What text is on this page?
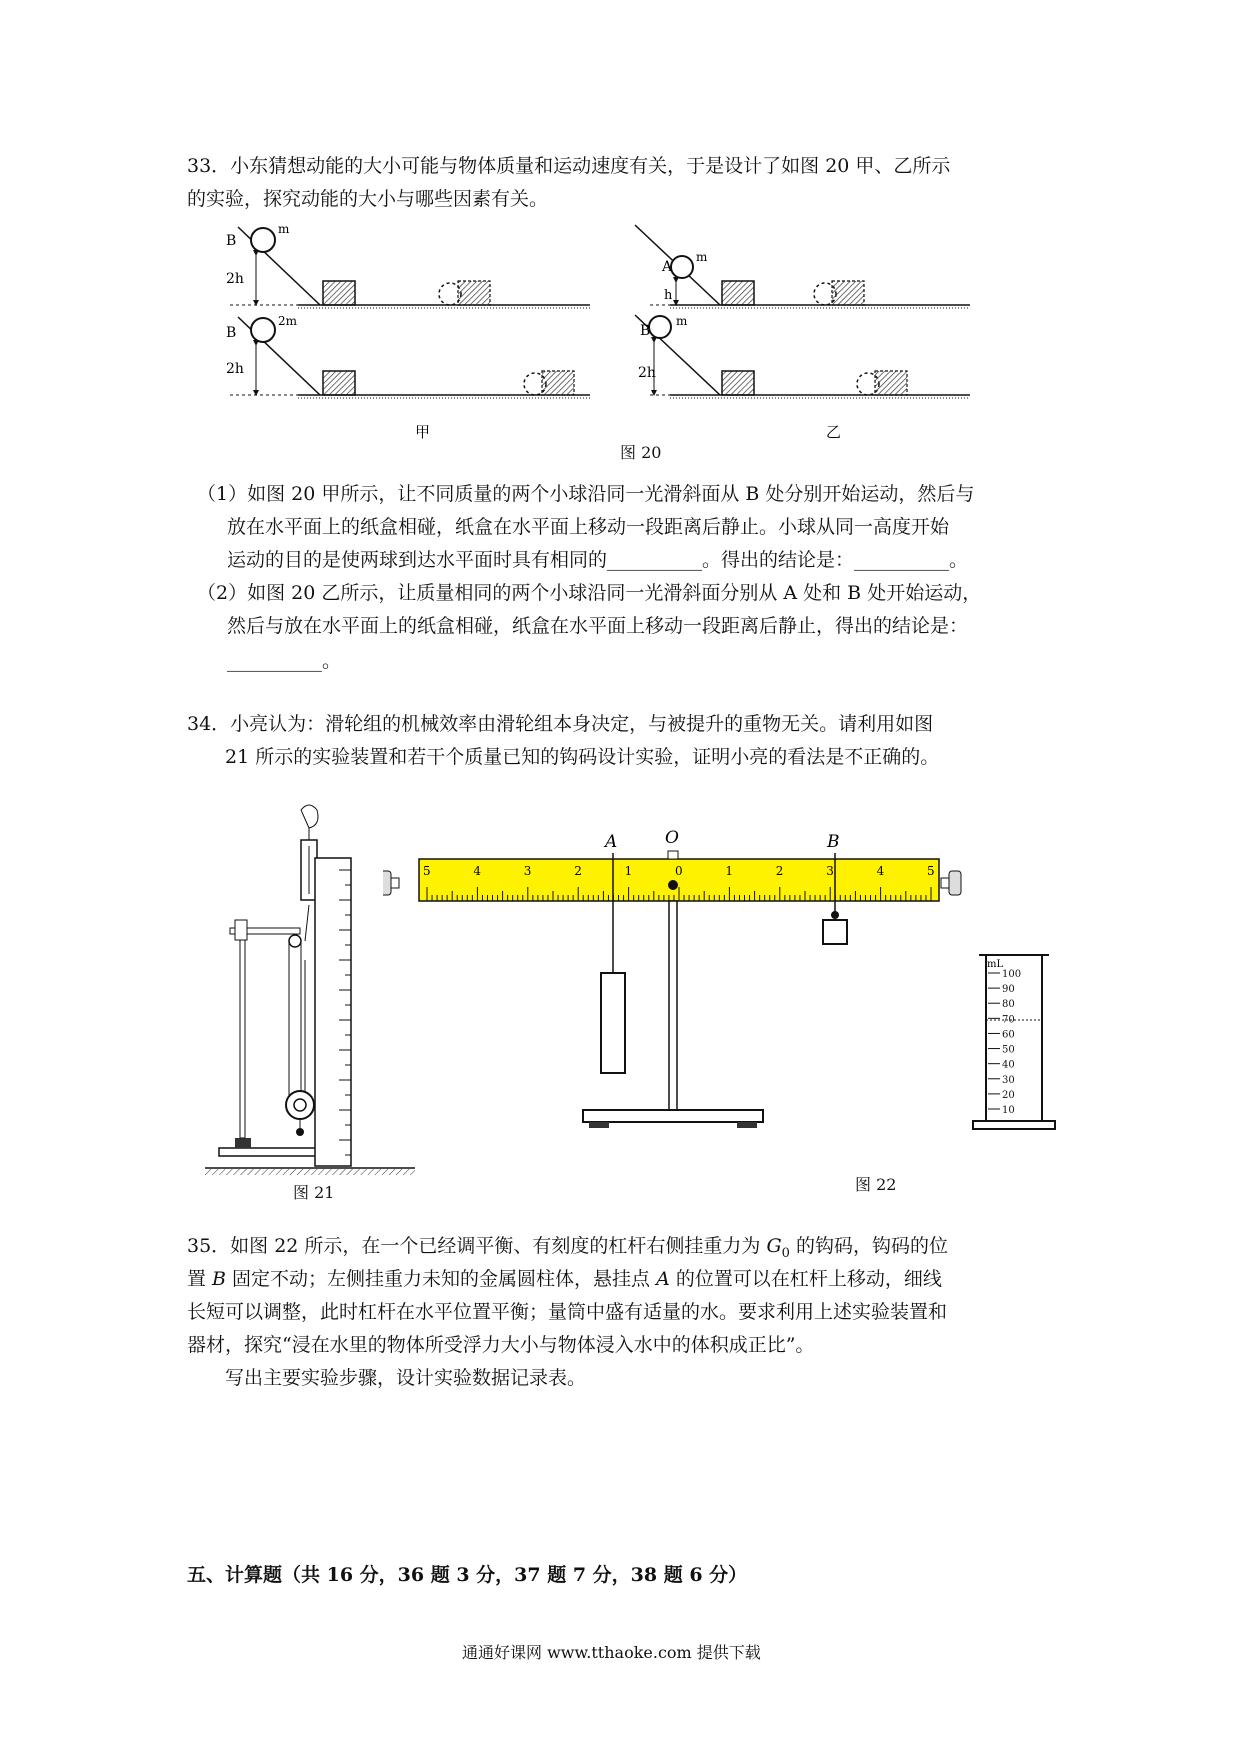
33．小东猜想动能的大小可能与物体质量和运动速度有关，于是设计了如图 20 甲、乙所示
的实验，探究动能的大小与哪些因素有关。
B
m
2h
B
2m
2h
A
m
h
B
m
2h
甲	乙
图 20
（1）如图 20 甲所示，让不同质量的两个小球沿同一光滑斜面从 B 处分别开始运动，然后与
放在水平面上的纸盒相碰，纸盒在水平面上移动一段距离后静止。小球从同一高度开始
运动的目的是使两球到达水平面时具有相同的__________。得出的结论是：__________。
（2）如图 20 乙所示，让质量相同的两个小球沿同一光滑斜面分别从 A 处和 B 处开始运动，
然后与放在水平面上的纸盒相碰，纸盒在水平面上移动一段距离后静止，得出的结论是：
__________。
34．小亮认为：滑轮组的机械效率由滑轮组本身决定，与被提升的重物无关。请利用如图
21 所示的实验装置和若干个质量已知的钩码设计实验，证明小亮的看法是不正确的。
图 21
5	4	3	2	1	0	1	2	3	4	5
A	O	B
100
90
80
70
60
50
40
30
20
10
mL
图 22
35．如图 22 所示，在一个已经调平衡、有刻度的杠杆右侧挂重力为 $G_0$ 的钩码，钩码的位
置 B 固定不动；左侧挂重力未知的金属圆柱体，悬挂点 A 的位置可以在杠杆上移动，细线
长短可以调整，此时杠杆在水平位置平衡；量筒中盛有适量的水。要求利用上述实验装置和
器材，探究“浸在水里的物体所受浮力大小与物体浸入水中的体积成正比”。
写出主要实验步骤，设计实验数据记录表。
五、计算题（共 16 分，36 题 3 分，37 题 7 分，38 题 6 分）
通通好课网 www.tthaoke.com 提供下载
